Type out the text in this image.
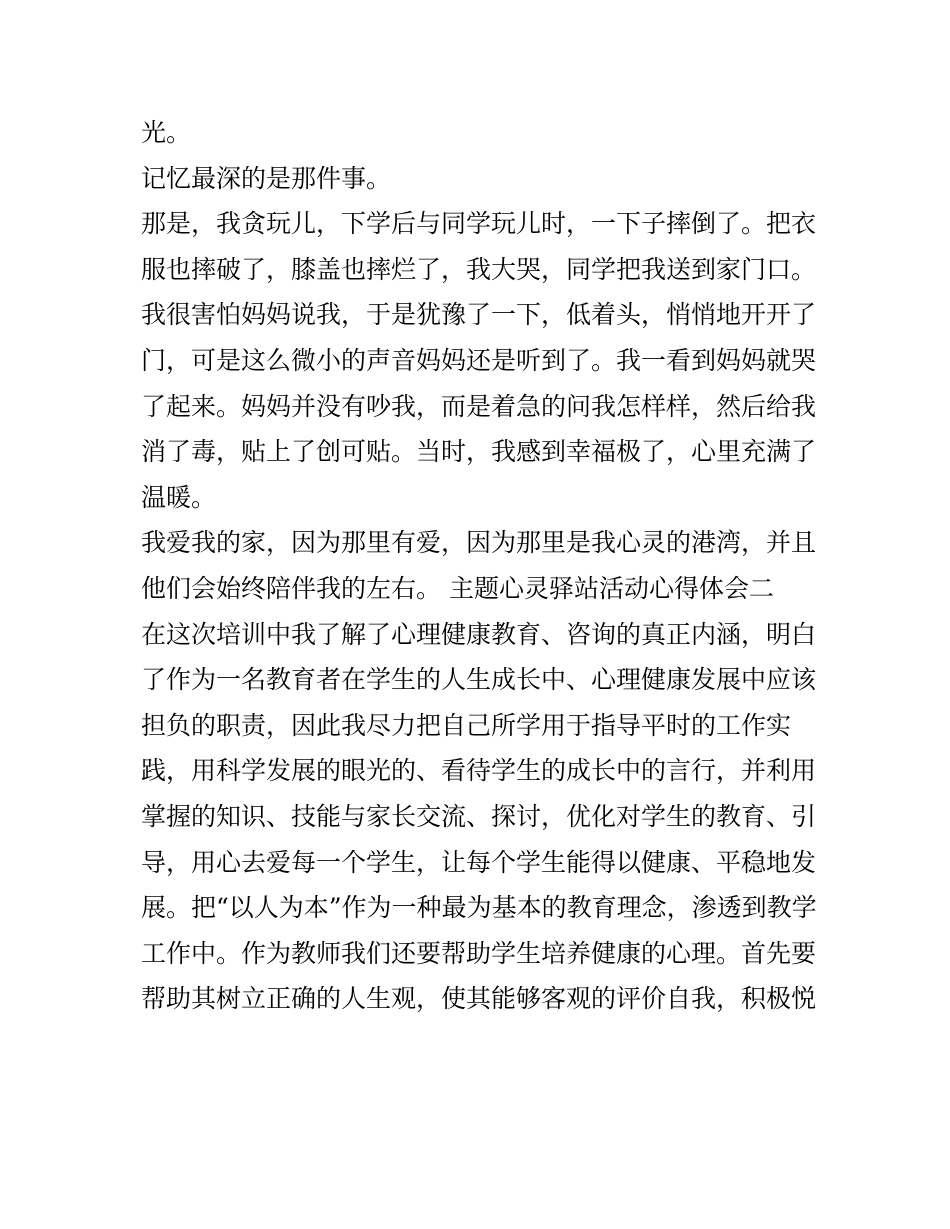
光。
记忆最深的是那件事。
那是，我贪玩儿，下学后与同学玩儿时，一下子摔倒了。把衣
服也摔破了，膝盖也摔烂了，我大哭，同学把我送到家门口。
我很害怕妈妈说我，于是犹豫了一下，低着头，悄悄地开开了
门，可是这么微小的声音妈妈还是听到了。我一看到妈妈就哭
了起来。妈妈并没有吵我，而是着急的问我怎样样，然后给我
消了毒，贴上了创可贴。当时，我感到幸福极了，心里充满了
温暖。
我爱我的家，因为那里有爱，因为那里是我心灵的港湾，并且
他们会始终陪伴我的左右。 主题心灵驿站活动心得体会二
在这次培训中我了解了心理健康教育、咨询的真正内涵，明白
了作为一名教育者在学生的人生成长中、心理健康发展中应该
担负的职责，因此我尽力把自己所学用于指导平时的工作实
践，用科学发展的眼光的、看待学生的成长中的言行，并利用
掌握的知识、技能与家长交流、探讨，优化对学生的教育、引
导，用心去爱每一个学生，让每个学生能得以健康、平稳地发
展。把“以人为本”作为一种最为基本的教育理念，渗透到教学
工作中。作为教师我们还要帮助学生培养健康的心理。首先要
帮助其树立正确的人生观，使其能够客观的评价自我，积极悦
